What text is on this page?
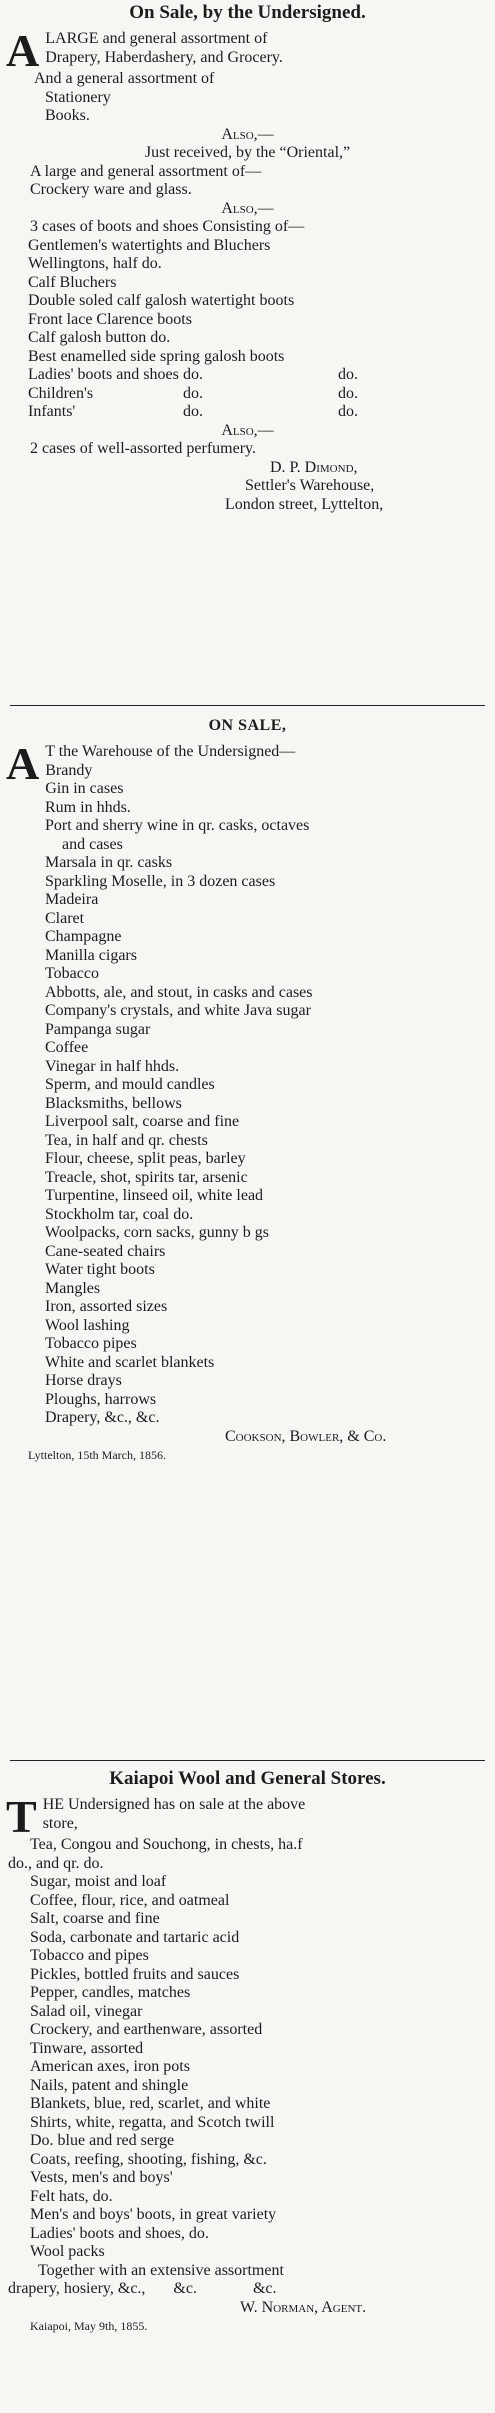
On Sale, by the Undersigned.
A LARGE and general assortment of
Drapery, Haberdashery, and Grocery.
And a general assortment of
Stationery
Books.
Also,—
Just received, by the “Oriental,”
A large and general assortment of—
Crockery ware and glass.
Also,—
3 cases of boots and shoes Consisting of—
Gentlemen's watertights and Bluchers
Wellingtons, half do.
Calf Bluchers
Double soled calf galosh watertight boots
Front lace Clarence boots
Calf galosh button do.
Best enamelled side spring galosh boots
Ladies' boots and shoes	do.	do.
Children's	do.	do.
Infants'	do.	do.
Also,—
2 cases of well-assorted perfumery.
D. P. Dimond,
Settler's Warehouse,
London street, Lyttelton,
ON SALE,
A T the Warehouse of the Undersigned—
Brandy
Gin in cases
Rum in hhds.
Port and sherry wine in qr. casks, octaves
and cases
Marsala in qr. casks
Sparkling Moselle, in 3 dozen cases
Madeira
Claret
Champagne
Manilla cigars
Tobacco
Abbotts, ale, and stout, in casks and cases
Company's crystals, and white Java sugar
Pampanga sugar
Coffee
Vinegar in half hhds.
Sperm, and mould candles
Blacksmiths, bellows
Liverpool salt, coarse and fine
Tea, in half and qr. chests
Flour, cheese, split peas, barley
Treacle, shot, spirits tar, arsenic
Turpentine, linseed oil, white lead
Stockholm tar, coal do.
Woolpacks, corn sacks, gunny b gs
Cane-seated chairs
Water tight boots
Mangles
Iron, assorted sizes
Wool lashing
Tobacco pipes
White and scarlet blankets
Horse drays
Ploughs, harrows
Drapery, &c., &c.
Cookson, Bowler, & Co.
Lyttelton, 15th March, 1856.
Kaiapoi Wool and General Stores.
T HE Undersigned has on sale at the above
store,
Tea, Congou and Souchong, in chests, ha.f
do., and qr. do.
Sugar, moist and loaf
Coffee, flour, rice, and oatmeal
Salt, coarse and fine
Soda, carbonate and tartaric acid
Tobacco and pipes
Pickles, bottled fruits and sauces
Pepper, candles, matches
Salad oil, vinegar
Crockery, and earthenware, assorted
Tinware, assorted
American axes, iron pots
Nails, patent and shingle
Blankets, blue, red, scarlet, and white
Shirts, white, regatta, and Scotch twill
Do. blue and red serge
Coats, reefing, shooting, fishing, &c.
Vests, men's and boys'
Felt hats, do.
Men's and boys' boots, in great variety
Ladies' boots and shoes, do.
Wool packs
Together with an extensive assortment
drapery, hosiery, &c.,       &c.              &c.
W. Norman, Agent.
Kaiapoi, May 9th, 1855.
